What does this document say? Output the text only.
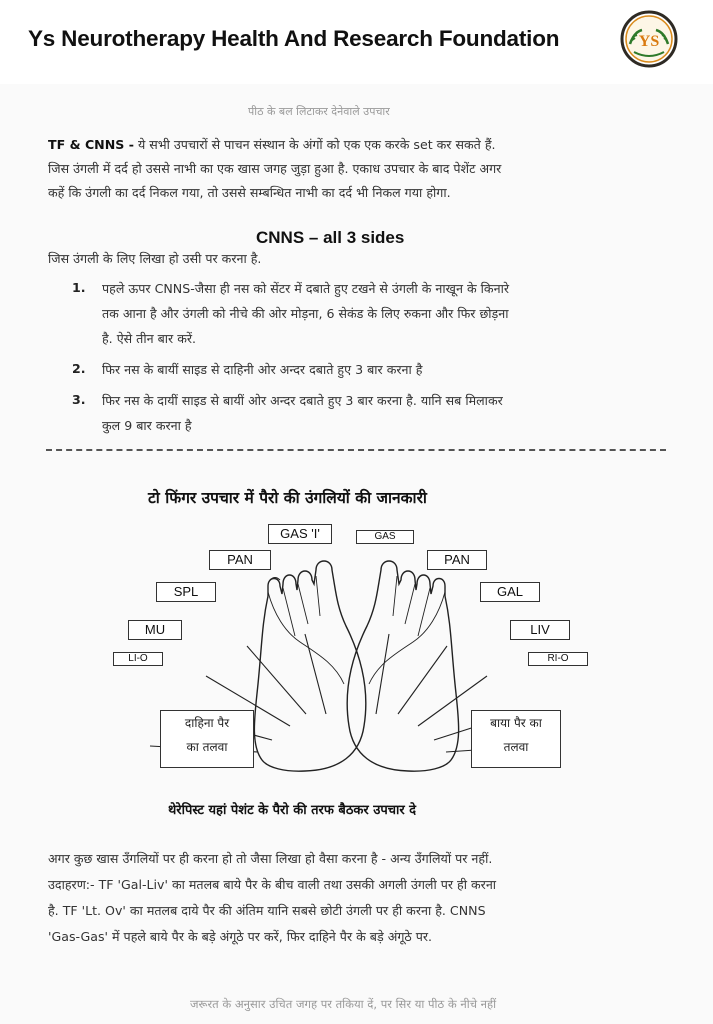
Ys Neurotherapy Health And Research Foundation	YS
पीठ के बल लिटाकर देनेवाले उपचार
TF & CNNS - ये सभी उपचारों से पाचन संस्थान के अंगों को एक एक करके set कर सकते हैं.
जिस उंगली में दर्द हो उससे नाभी का एक खास जगह जुड़ा हुआ है. एकाध उपचार के बाद पेशेंट अगर
कहें कि उंगली का दर्द निकल गया, तो उससे सम्बन्धित नाभी का दर्द भी निकल गया होगा.
CNNS – all 3 sides
जिस उंगली के लिए लिखा हो उसी पर करना है.
1. पहले ऊपर CNNS-जैसा ही नस को सेंटर में दबाते हुए टखने से उंगली के नाखून के किनारे
तक आना है और उंगली को नीचे की ओर मोड़ना, 6 सेकंड के लिए रुकना और फिर छोड़ना
है. ऐसे तीन बार करें.
2. फिर नस के बायीं साइड से दाहिनी ओर अन्दर दबाते हुए 3 बार करना है
3. फिर नस के दायीं साइड से बायीं ओर अन्दर दबाते हुए 3 बार करना है. यानि सब मिलाकर
कुल 9 बार करना है
टो फिंगर उपचार में पैरो की उंगलियों की जानकारी
GAS 'I'
PAN
SPL
MU
LI-O
GAS
PAN
GAL
LIV
RI-O
दाहिना पैर
का तलवा
बाया पैर का
तलवा
थेरेपिस्ट यहां पेशंट के पैरो की तरफ बैठकर उपचार दे
अगर कुछ खास उँगलियों पर ही करना हो तो जैसा लिखा हो वैसा करना है - अन्य उँगलियों पर नहीं.
उदाहरण:- TF 'Gal-Liv' का मतलब बाये पैर के बीच वाली तथा उसकी अगली उंगली पर ही करना
है. TF 'Lt. Ov' का मतलब दाये पैर की अंतिम यानि सबसे छोटी उंगली पर ही करना है. CNNS
'Gas-Gas' में पहले बाये पैर के बड़े अंगूठे पर करें, फिर दाहिने पैर के बड़े अंगूठे पर.
जरूरत के अनुसार उचित जगह पर तकिया दें, पर सिर या पीठ के नीचे नहीं
